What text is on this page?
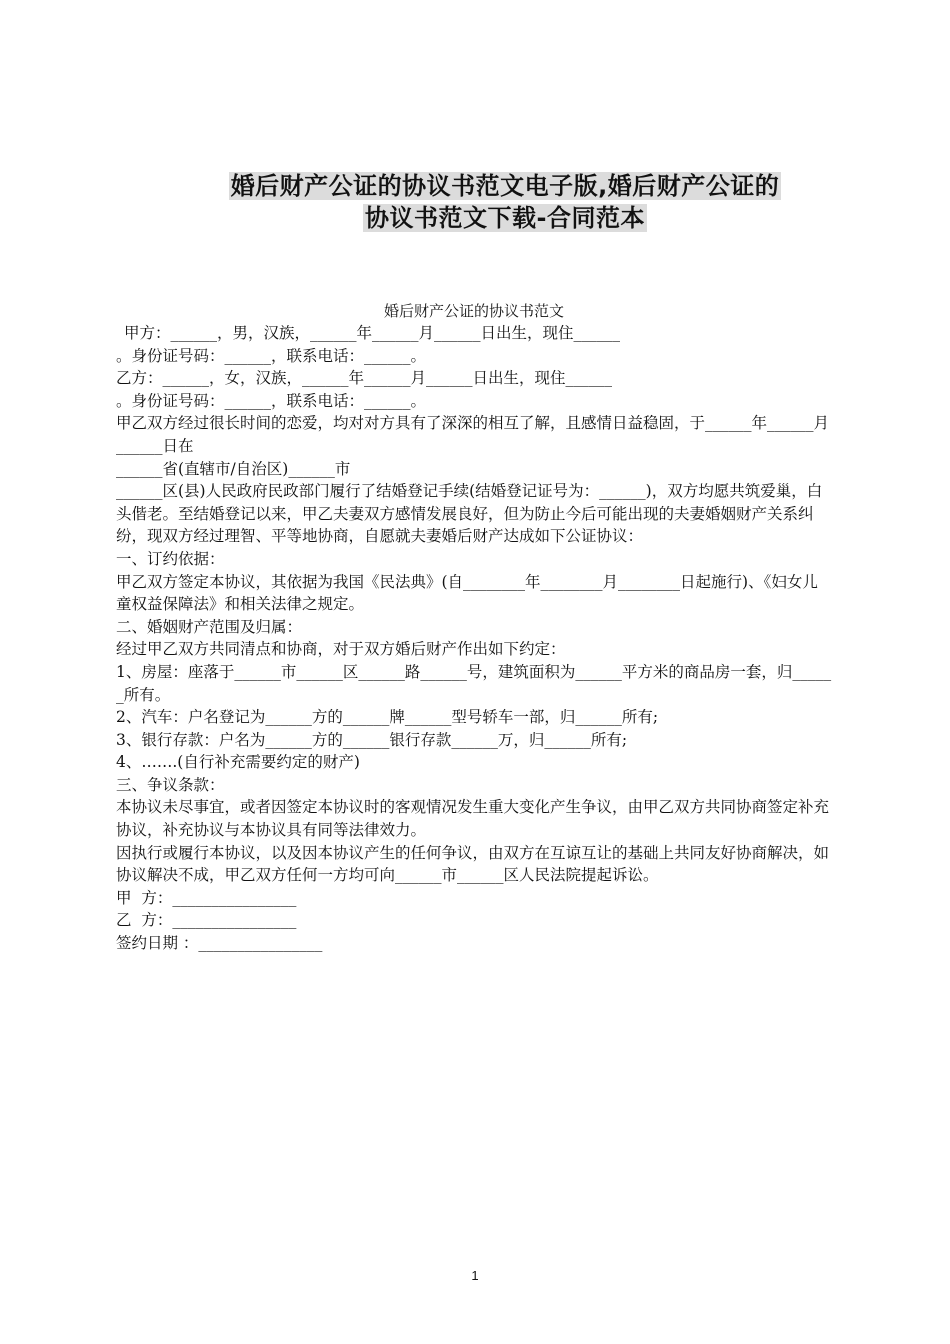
婚后财产公证的协议书范文电子版,婚后财产公证的
协议书范文下载-合同范本
婚后财产公证的协议书范文

甲方：______，男，汉族，______年______月______日出生，现住______

。身份证号码：______，联系电话：______。

乙方：______，女，汉族，______年______月______日出生，现住______

。身份证号码：______，联系电话：______。

甲乙双方经过很长时间的恋爱，均对对方具有了深深的相互了解，且感情日益稳固，于______年______月______日在

______省(直辖市/自治区)______市

______区(县)人民政府民政部门履行了结婚登记手续(结婚登记证号为：______)，双方均愿共筑爱巢，白头偕老。至结婚登记以来，甲乙夫妻双方感情发展良好，但为防止今后可能出现的夫妻婚姻财产关系纠纷，现双方经过理智、平等地协商，自愿就夫妻婚后财产达成如下公证协议：

一、订约依据：

甲乙双方签定本协议，其依据为我国《民法典》(自________年________月________日起施行)、《妇女儿童权益保障法》和相关法律之规定。

二、婚姻财产范围及归属：

经过甲乙双方共同清点和协商，对于双方婚后财产作出如下约定：

1、房屋：座落于______市______区______路______号，建筑面积为______平方米的商品房一套，归______所有。

2、汽车：户名登记为______方的______牌______型号轿车一部，归______所有;

3、银行存款：户名为______方的______银行存款______万，归______所有;

4、…….(自行补充需要约定的财产)

三、争议条款：

本协议未尽事宜，或者因签定本协议时的客观情况发生重大变化产生争议，由甲乙双方共同协商签定补充协议，补充协议与本协议具有同等法律效力。

因执行或履行本协议，以及因本协议产生的任何争议，由双方在互谅互让的基础上共同友好协商解决，如协议解决不成，甲乙双方任何一方均可向______市______区人民法院提起诉讼。

甲  方：________________

乙  方：________________

签约日期 ：________________

1
